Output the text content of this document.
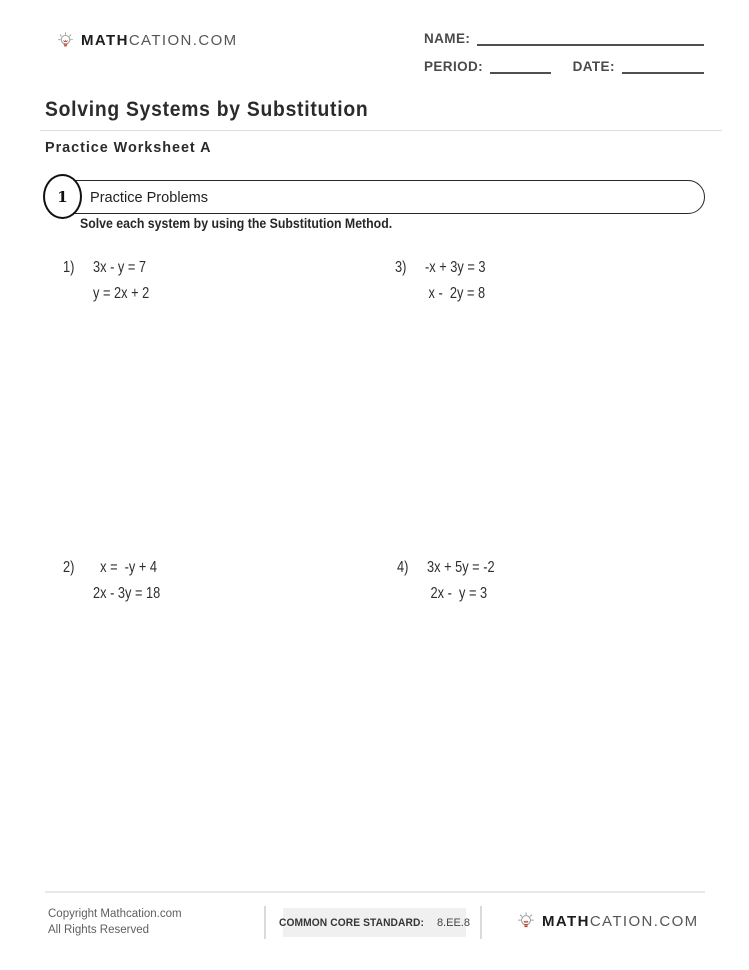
MATHCATION.COM	NAME:
PERIOD:	DATE:
Solving Systems by Substitution
Practice Worksheet A
Practice Problems
1
Solve each system by using the Substitution Method.
1) 3x - y = 7
y = 2x + 2
3) -x + 3y = 3
x -  2y = 8
2) x =  -y + 4
2x - 3y = 18
4) 3x + 5y = -2
2x -  y = 3
Copyright Mathcation.com
All Rights Reserved
COMMON CORE STANDARD: 8.EE.8	MATHCATION.COM
